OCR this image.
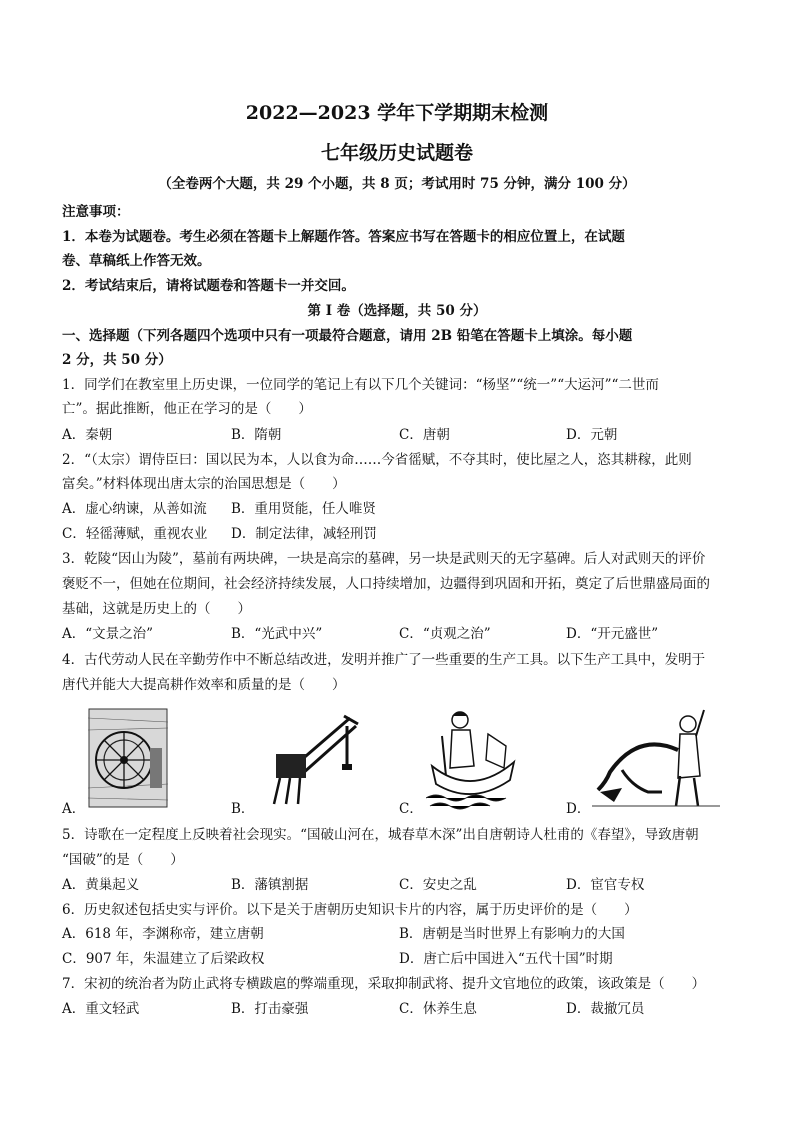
2022—2023 学年下学期期末检测
七年级历史试题卷
（全卷两个大题，共 29 个小题，共 8 页；考试用时 75 分钟，满分 100 分）
注意事项：
1．本卷为试题卷。考生必须在答题卡上解题作答。答案应书写在答题卡的相应位置上，在试题
卷、草稿纸上作答无效。
2．考试结束后，请将试题卷和答题卡一并交回。
第 I 卷（选择题，共 50 分）
一、选择题（下列各题四个选项中只有一项最符合题意，请用 2B 铅笔在答题卡上填涂。每小题
2 分，共 50 分）
1．同学们在教室里上历史课，一位同学的笔记上有以下几个关键词：“杨坚”“统一”“大运河”“二世而
亡”。据此推断，他正在学习的是（　　）
A．秦朝	B．隋朝	C．唐朝	D．元朝
2．“（太宗）谓侍臣曰：国以民为本，人以食为命……今省徭赋，不夺其时，使比屋之人，恣其耕稼，此则
富矣。”材料体现出唐太宗的治国思想是（　　）
A．虚心纳谏，从善如流 B．重用贤能，任人唯贤
C．轻徭薄赋，重视农业 D．制定法律，减轻刑罚
3．乾陵“因山为陵”，墓前有两块碑，一块是高宗的墓碑，另一块是武则天的无字墓碑。后人对武则天的评价
褒贬不一，但她在位期间，社会经济持续发展，人口持续增加，边疆得到巩固和开拓，奠定了后世鼎盛局面的
基础，这就是历史上的（　　）
A．“文景之治”	B．“光武中兴”	C．“贞观之治”	D．“开元盛世”
4．古代劳动人民在辛勤劳作中不断总结改进，发明并推广了一些重要的生产工具。以下生产工具中，发明于
唐代并能大大提高耕作效率和质量的是（　　）
A．	B．	C．	D．
5．诗歌在一定程度上反映着社会现实。“国破山河在，城春草木深”出自唐朝诗人杜甫的《春望》，导致唐朝
“国破”的是（　　）
A．黄巢起义	B．藩镇割据	C．安史之乱	D．宦官专权
6．历史叙述包括史实与评价。以下是关于唐朝历史知识卡片的内容，属于历史评价的是（　　）
A．618 年，李渊称帝，建立唐朝	B．唐朝是当时世界上有影响力的大国
C．907 年，朱温建立了后梁政权	D．唐亡后中国进入“五代十国”时期
7．宋初的统治者为防止武将专横跋扈的弊端重现，采取抑制武将、提升文官地位的政策，该政策是（　　）
A．重文轻武	B．打击豪强	C．休养生息	D．裁撤冗员
